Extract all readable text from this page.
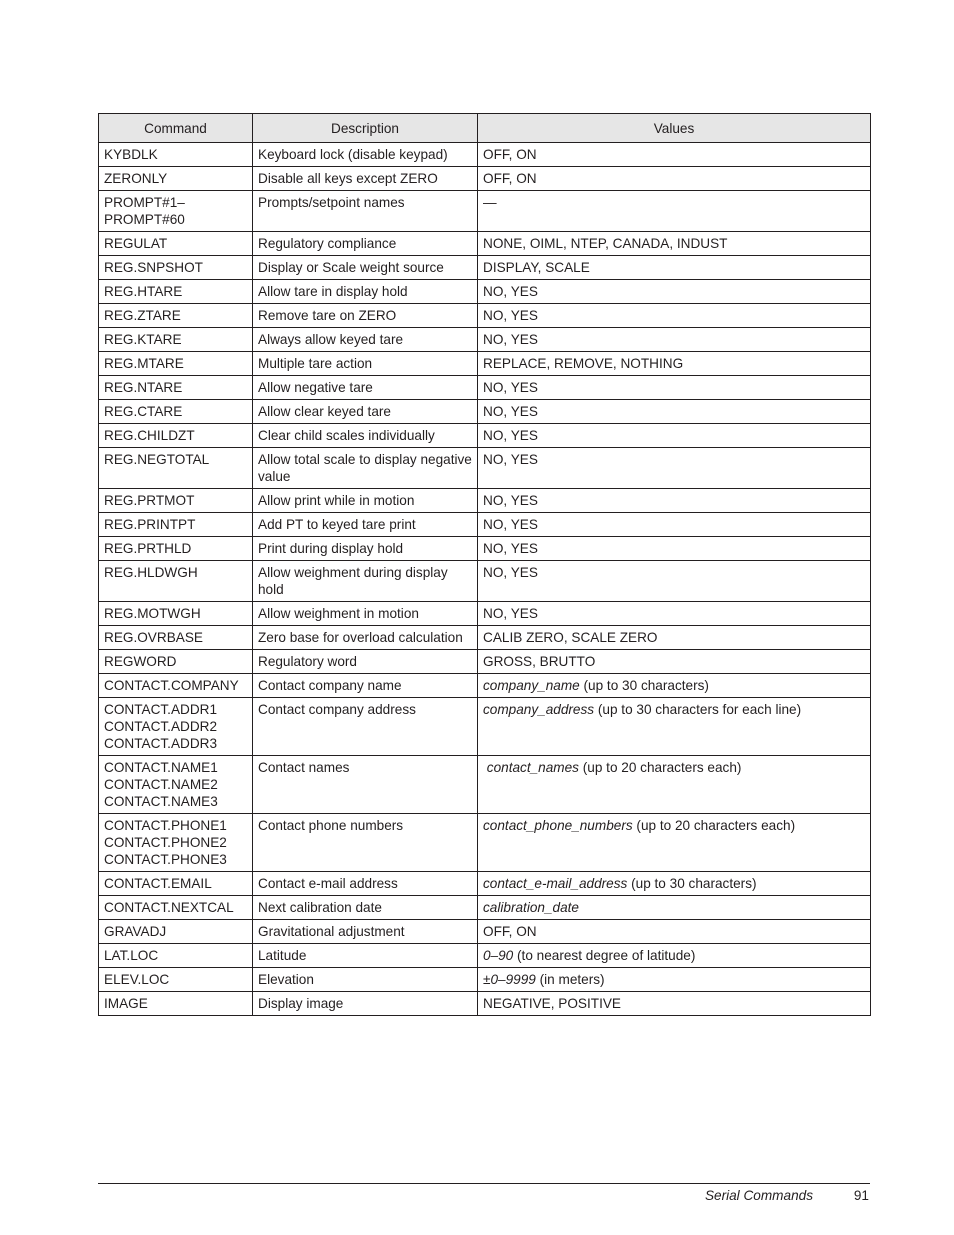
Command	Description	Values
KYBDLK	Keyboard lock (disable keypad)	OFF, ON
ZERONLY	Disable all keys except ZERO	OFF, ON
PROMPT#1–
PROMPT#60	Prompts/setpoint names	—
REGULAT	Regulatory compliance	NONE, OIML, NTEP, CANADA, INDUST
REG.SNPSHOT	Display or Scale weight source	DISPLAY, SCALE
REG.HTARE	Allow tare in display hold	NO, YES
REG.ZTARE	Remove tare on ZERO	NO, YES
REG.KTARE	Always allow keyed tare	NO, YES
REG.MTARE	Multiple tare action	REPLACE, REMOVE, NOTHING
REG.NTARE	Allow negative tare	NO, YES
REG.CTARE	Allow clear keyed tare	NO, YES
REG.CHILDZT	Clear child scales individually	NO, YES
REG.NEGTOTAL	Allow total scale to display negative value	NO, YES
REG.PRTMOT	Allow print while in motion	NO, YES
REG.PRINTPT	Add PT to keyed tare print	NO, YES
REG.PRTHLD	Print during display hold	NO, YES
REG.HLDWGH	Allow weighment during display hold	NO, YES
REG.MOTWGH	Allow weighment in motion	NO, YES
REG.OVRBASE	Zero base for overload calculation	CALIB ZERO, SCALE ZERO
REGWORD	Regulatory word	GROSS, BRUTTO
CONTACT.COMPANY	Contact company name	company_name (up to 30 characters)
CONTACT.ADDR1
CONTACT.ADDR2
CONTACT.ADDR3	Contact company address	company_address (up to 30 characters for each line)
CONTACT.NAME1
CONTACT.NAME2
CONTACT.NAME3	Contact names	contact_names (up to 20 characters each)
CONTACT.PHONE1
CONTACT.PHONE2
CONTACT.PHONE3	Contact phone numbers	contact_phone_numbers (up to 20 characters each)
CONTACT.EMAIL	Contact e-mail address	contact_e-mail_address (up to 30 characters)
CONTACT.NEXTCAL	Next calibration date	calibration_date
GRAVADJ	Gravitational adjustment	OFF, ON
LAT.LOC	Latitude	0–90 (to nearest degree of latitude)
ELEV.LOC	Elevation	±0–9999 (in meters)
IMAGE	Display image	NEGATIVE, POSITIVE
Serial Commands	91
